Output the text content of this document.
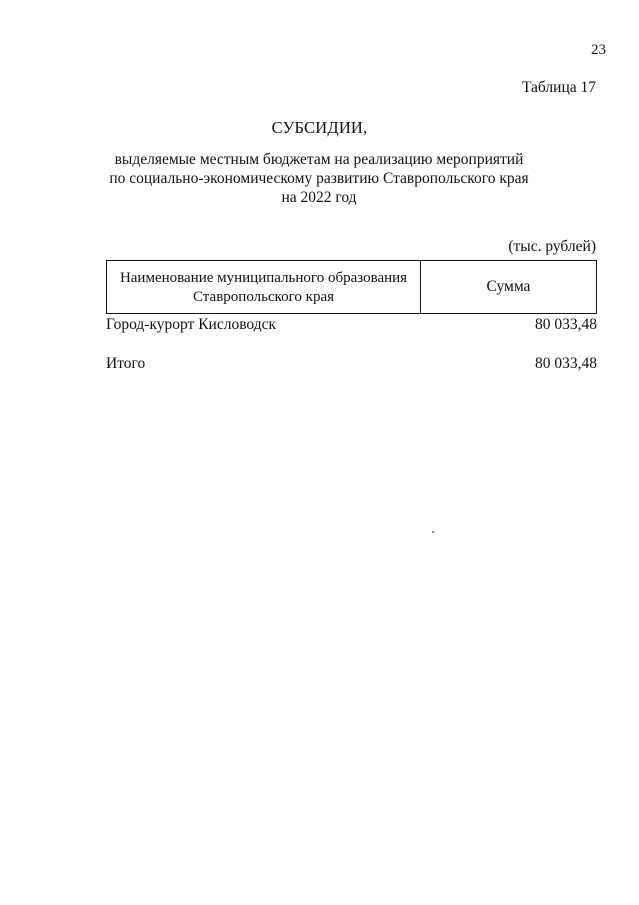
23
Таблица 17
СУБСИДИИ,
выделяемые местным бюджетам на реализацию мероприятий
по социально-экономическому развитию Ставропольского края
на 2022 год
(тыс. рублей)
Наименование муниципального образования
Ставропольского края
Сумма
Город-курорт Кисловодск	80 033,48
Итого	80 033,48
